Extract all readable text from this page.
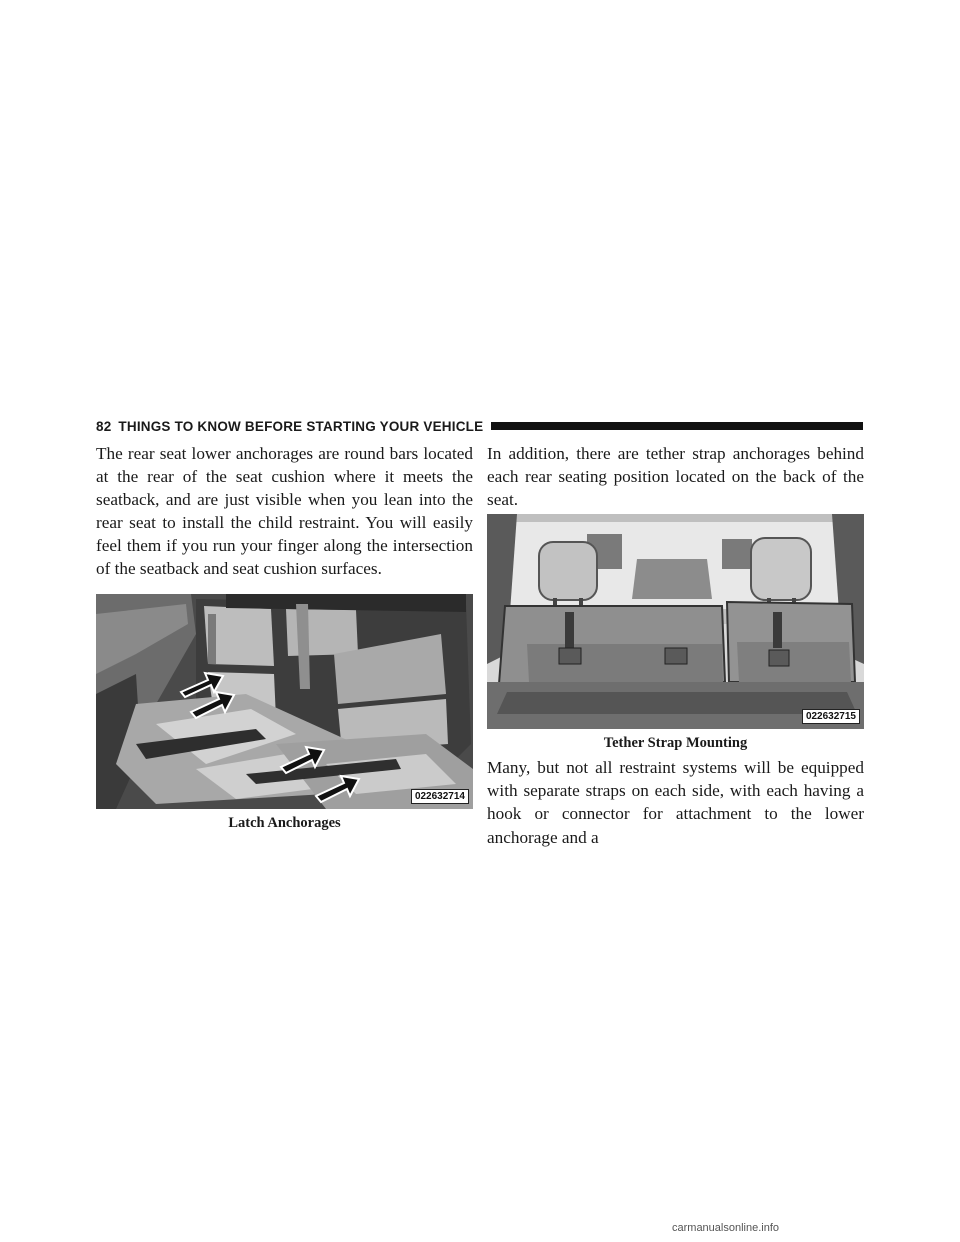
82 THINGS TO KNOW BEFORE STARTING YOUR VEHICLE

The rear seat lower anchorages are round bars located at the rear of the seat cushion where it meets the seatback, and are just visible when you lean into the rear seat to install the child restraint. You will easily feel them if you run your finger along the intersection of the seatback and seat cushion surfaces.

022632714
Latch Anchorages

In addition, there are tether strap anchorages behind each rear seating position located on the back of the seat.

022632715
Tether Strap Mounting

Many, but not all restraint systems will be equipped with separate straps on each side, with each having a hook or connector for attachment to the lower anchorage and a

carmanualsonline.info
